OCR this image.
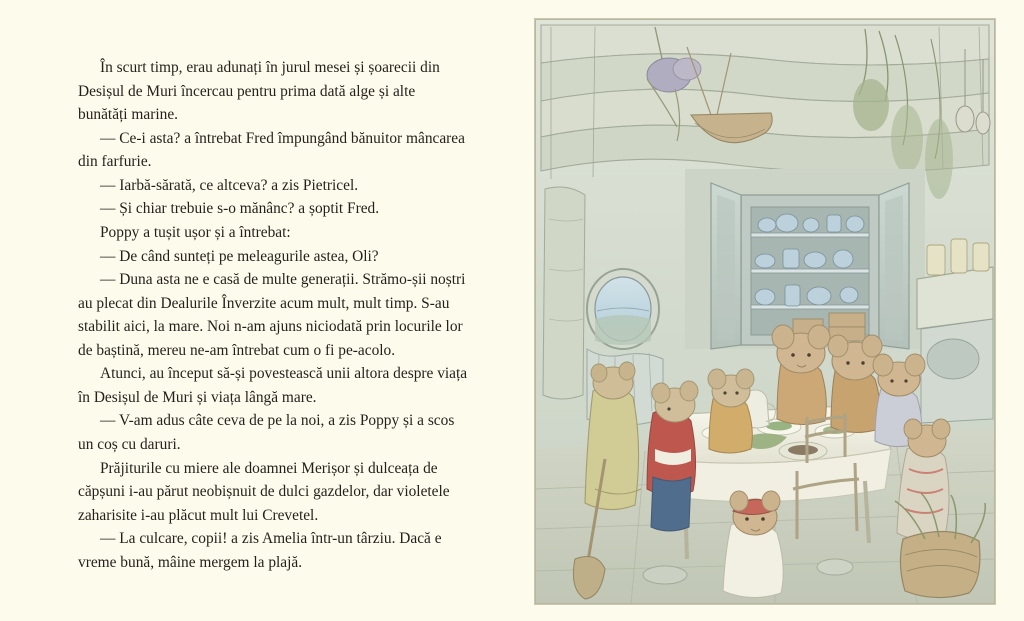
În scurt timp, erau adunați în jurul mesei și șoarecii din Desișul de Muri încercau pentru prima dată alge și alte bunătăți marine.

— Ce-i asta? a întrebat Fred împungând bănuitor mâncarea din farfurie.

— Iarbă-sărată, ce altceva? a zis Pietricel.

— Și chiar trebuie s-o mănânc? a șoptit Fred.

Poppy a tușit ușor și a întrebat:

— De când sunteți pe meleagurile astea, Oli?

— Duna asta ne e casă de multe generații. Strămo-șii noștri au plecat din Dealurile Înverzite acum mult, mult timp. S-au stabilit aici, la mare. Noi n-am ajuns niciodată prin locurile lor de baștină, mereu ne-am întrebat cum o fi pe-acolo.

Atunci, au început să-și povestească unii altora despre viața în Desișul de Muri și viața lângă mare.

— V-am adus câte ceva de pe la noi, a zis Poppy și a scos un coș cu daruri.

Prăjiturile cu miere ale doamnei Merișor și dulceața de căpșuni i-au părut neobișnuit de dulci gazdelor, dar violetele zaharisite i-au plăcut mult lui Crevetel.

— La culcare, copii! a zis Amelia într-un târziu. Dacă e vreme bună, mâine mergem la plajă.
